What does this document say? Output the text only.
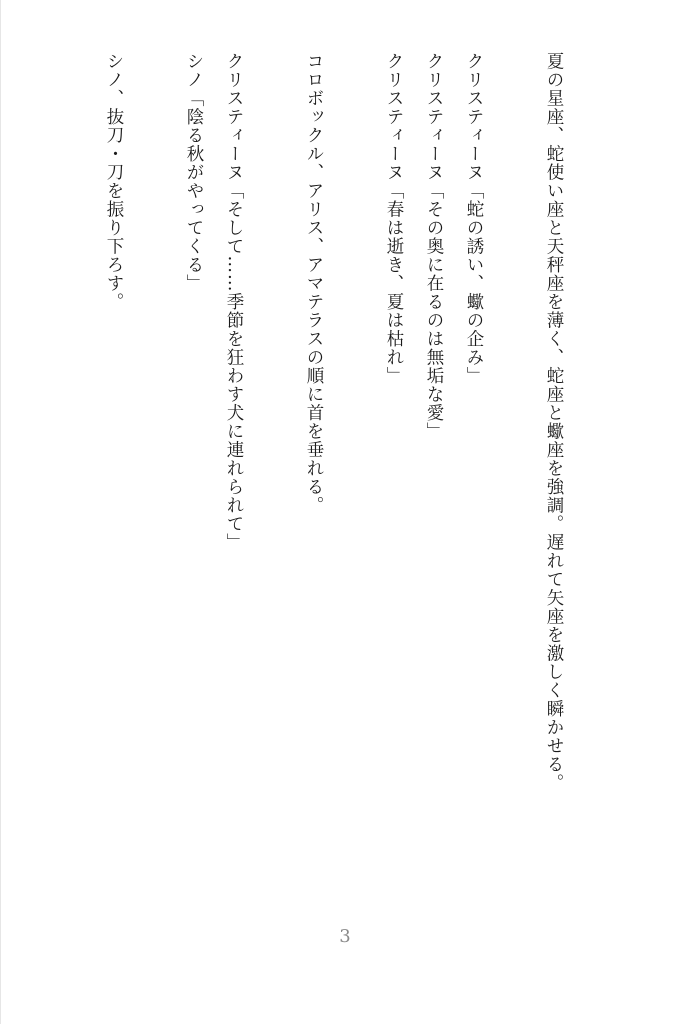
夏の星座、蛇使い座と天秤座を薄く、蛇座と蠍座を強調。遅れて矢座を激しく瞬かせる。
クリスティーヌ「蛇の誘い、蠍の企み」
クリスティーヌ「その奥に在るのは無垢な愛」
クリスティーヌ「春は逝き、夏は枯れ」
コロボックル、アリス、アマテラスの順に首を垂れる。
クリスティーヌ「そして……季節を狂わす犬に連れられて」
シノ「陰る秋がやってくる」
シノ、抜刀・刀を振り下ろす。
3
